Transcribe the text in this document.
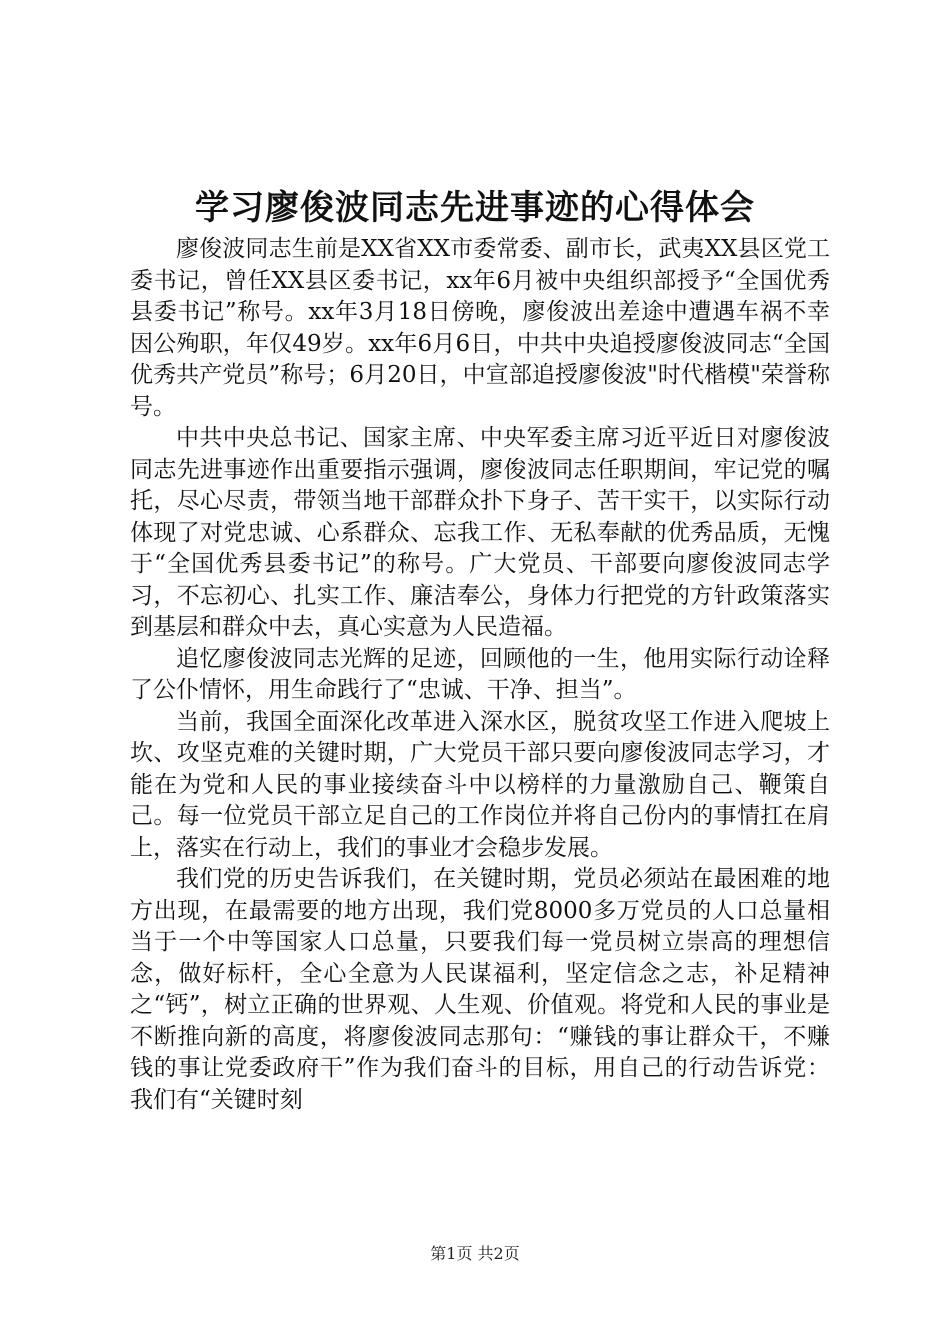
学习廖俊波同志先进事迹的心得体会

廖俊波同志生前是XX省XX市委常委、副市长，武夷XX县区党工委书记，曾任XX县区委书记，xx年6月被中央组织部授予“全国优秀县委书记”称号。xx年3月18日傍晚，廖俊波出差途中遭遇车祸不幸因公殉职，年仅49岁。xx年6月6日，中共中央追授廖俊波同志“全国优秀共产党员”称号；6月20日，中宣部追授廖俊波"时代楷模"荣誉称号。

中共中央总书记、国家主席、中央军委主席习近平近日对廖俊波同志先进事迹作出重要指示强调，廖俊波同志任职期间，牢记党的嘱托，尽心尽责，带领当地干部群众扑下身子、苦干实干，以实际行动体现了对党忠诚、心系群众、忘我工作、无私奉献的优秀品质，无愧于“全国优秀县委书记”的称号。广大党员、干部要向廖俊波同志学习，不忘初心、扎实工作、廉洁奉公，身体力行把党的方针政策落实到基层和群众中去，真心实意为人民造福。

追忆廖俊波同志光辉的足迹，回顾他的一生，他用实际行动诠释了公仆情怀，用生命践行了“忠诚、干净、担当”。

当前，我国全面深化改革进入深水区，脱贫攻坚工作进入爬坡上坎、攻坚克难的关键时期，广大党员干部只要向廖俊波同志学习，才能在为党和人民的事业接续奋斗中以榜样的力量激励自己、鞭策自己。每一位党员干部立足自己的工作岗位并将自己份内的事情扛在肩上，落实在行动上，我们的事业才会稳步发展。

我们党的历史告诉我们，在关键时期，党员必须站在最困难的地方出现，在最需要的地方出现，我们党8000多万党员的人口总量相当于一个中等国家人口总量，只要我们每一党员树立崇高的理想信念，做好标杆，全心全意为人民谋福利，坚定信念之志，补足精神之“钙”，树立正确的世界观、人生观、价值观。将党和人民的事业是不断推向新的高度，将廖俊波同志那句：“赚钱的事让群众干，不赚钱的事让党委政府干”作为我们奋斗的目标，用自己的行动告诉党：我们有“关键时刻

第1页 共2页
